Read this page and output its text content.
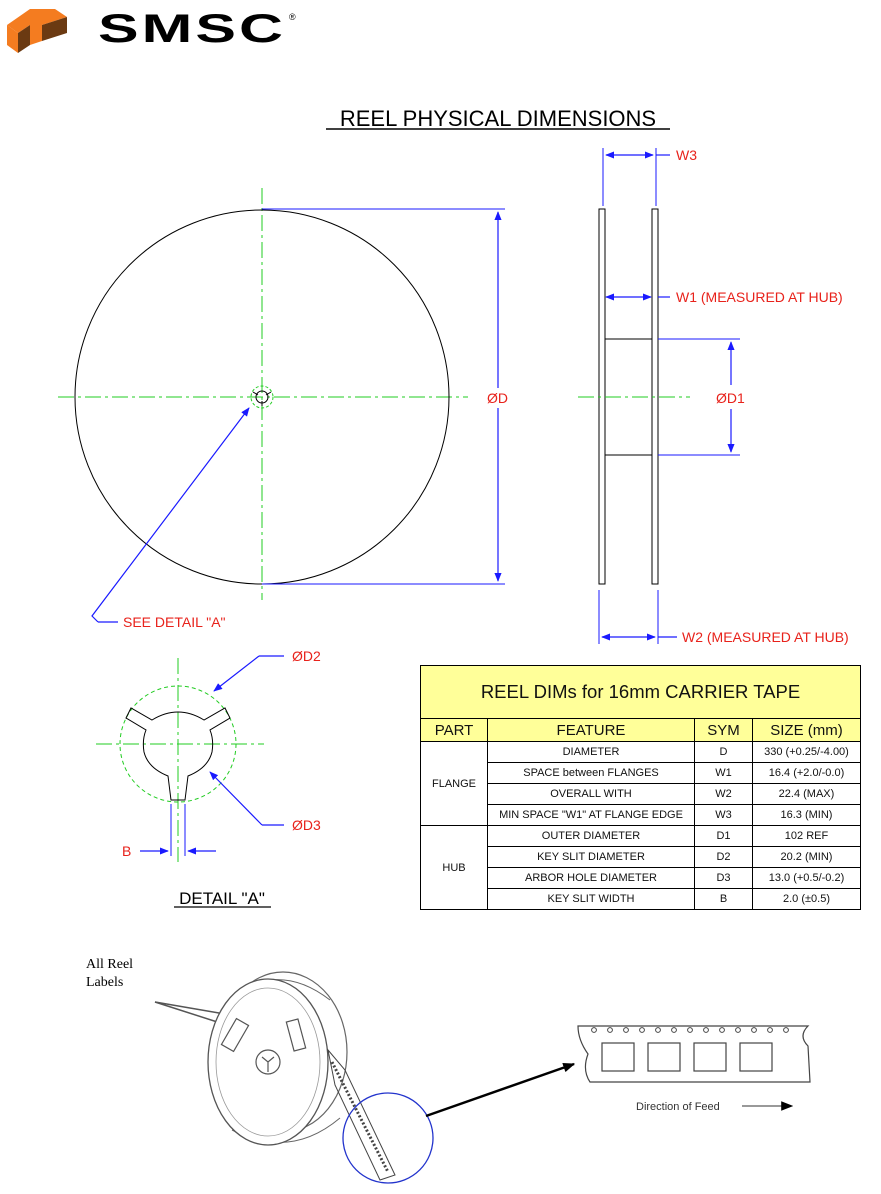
SMSC ®
REEL PHYSICAL DIMENSIONS
ØD
SEE DETAIL "A"
W3
W1 (MEASURED AT HUB)
ØD1
W2 (MEASURED AT HUB)
ØD2
ØD3
B
DETAIL "A"
All Reel
Labels
Direction of Feed
REEL DIMs for 16mm CARRIER TAPE			
PART	FEATURE	SYM	SIZE (mm)
FLANGE	DIAMETER	D	330 (+0.25/-4.00)
	SPACE between FLANGES	W1	16.4 (+2.0/-0.0)
	OVERALL WITH	W2	22.4 (MAX)
	MIN SPACE "W1" AT FLANGE EDGE	W3	16.3 (MIN)
HUB	OUTER DIAMETER	D1	102 REF
	KEY SLIT DIAMETER	D2	20.2 (MIN)
	ARBOR HOLE DIAMETER	D3	13.0 (+0.5/-0.2)
	KEY SLIT WIDTH	B	2.0 (±0.5)
